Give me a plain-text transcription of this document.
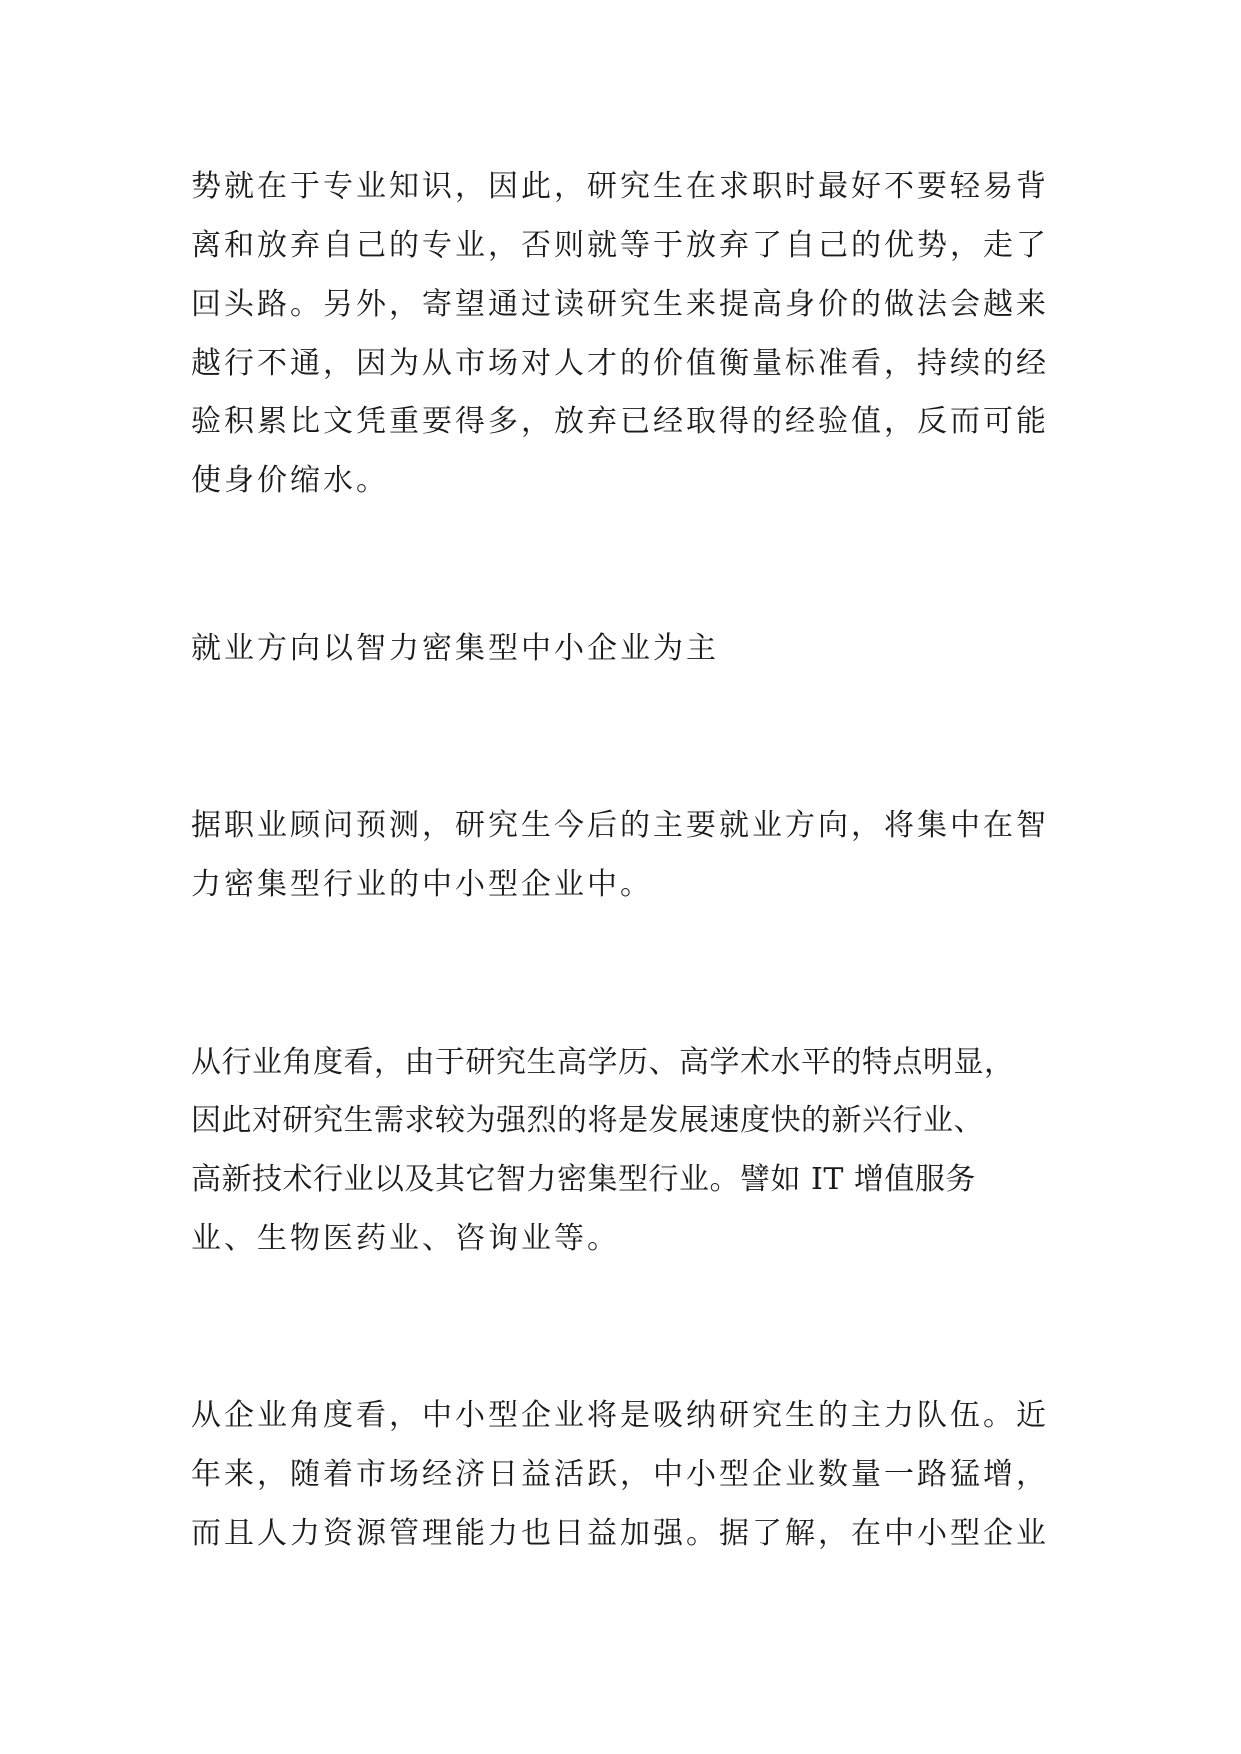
势就在于专业知识，因此，研究生在求职时最好不要轻易背
离和放弃自己的专业，否则就等于放弃了自己的优势，走了
回头路。另外，寄望通过读研究生来提高身价的做法会越来
越行不通，因为从市场对人才的价值衡量标准看，持续的经
验积累比文凭重要得多，放弃已经取得的经验值，反而可能
使身价缩水。
就业方向以智力密集型中小企业为主
据职业顾问预测，研究生今后的主要就业方向，将集中在智
力密集型行业的中小型企业中。
从行业角度看，由于研究生高学历、高学术水平的特点明显，
因此对研究生需求较为强烈的将是发展速度快的新兴行业、
高新技术行业以及其它智力密集型行业。譬如 IT 增值服务
业、生物医药业、咨询业等。
从企业角度看，中小型企业将是吸纳研究生的主力队伍。近
年来，随着市场经济日益活跃，中小型企业数量一路猛增，
而且人力资源管理能力也日益加强。据了解，在中小型企业
